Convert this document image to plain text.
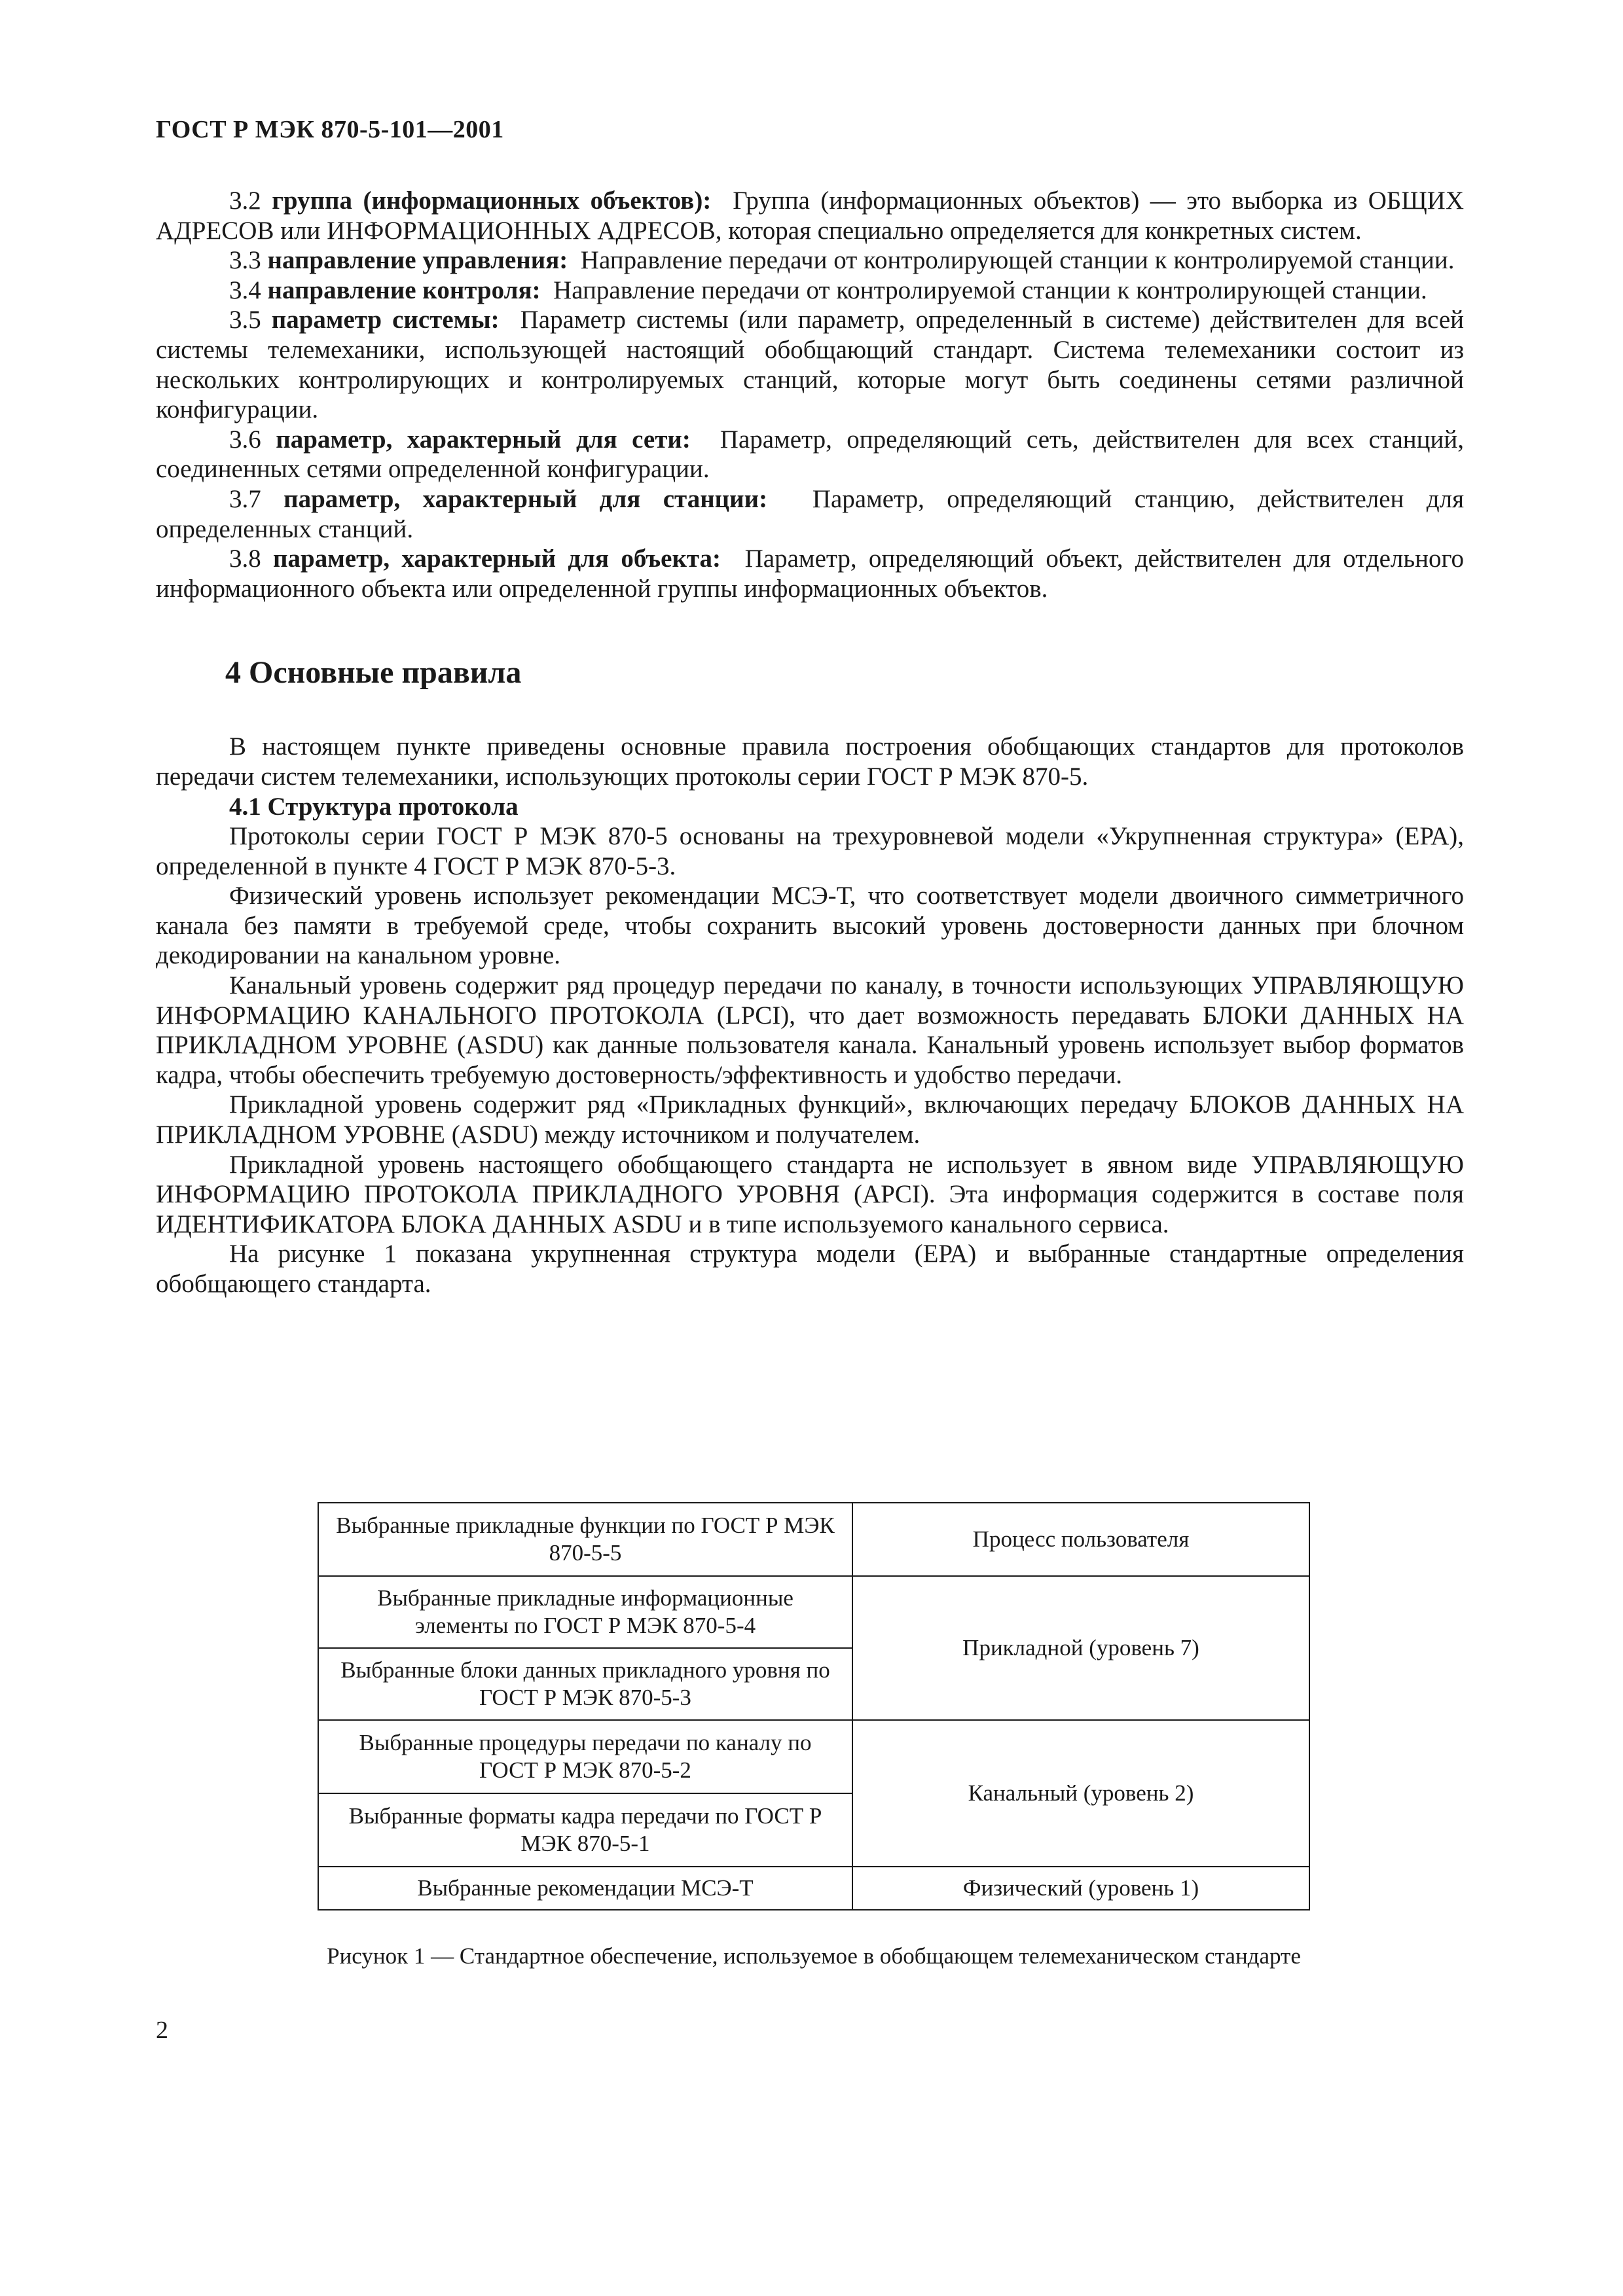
ГОСТ Р МЭК 870-5-101—2001

3.2 группа (информационных объектов): Группа (информационных объектов) — это выборка из ОБЩИХ АДРЕСОВ или ИНФОРМАЦИОННЫХ АДРЕСОВ, которая специально определяется для конкретных систем.

3.3 направление управления: Направление передачи от контролирующей станции к контролируемой станции.

3.4 направление контроля: Направление передачи от контролируемой станции к контролирующей станции.

3.5 параметр системы: Параметр системы (или параметр, определенный в системе) действителен для всей системы телемеханики, использующей настоящий обобщающий стандарт. Система телемеханики состоит из нескольких контролирующих и контролируемых станций, которые могут быть соединены сетями различной конфигурации.

3.6 параметр, характерный для сети: Параметр, определяющий сеть, действителен для всех станций, соединенных сетями определенной конфигурации.

3.7 параметр, характерный для станции: Параметр, определяющий станцию, действителен для определенных станций.

3.8 параметр, характерный для объекта: Параметр, определяющий объект, действителен для отдельного информационного объекта или определенной группы информационных объектов.

4 Основные правила

В настоящем пункте приведены основные правила построения обобщающих стандартов для протоколов передачи систем телемеханики, использующих протоколы серии ГОСТ Р МЭК 870-5.

4.1 Структура протокола

Протоколы серии ГОСТ Р МЭК 870-5 основаны на трехуровневой модели «Укрупненная структура» (ЕРА), определенной в пункте 4 ГОСТ Р МЭК 870-5-3.

Физический уровень использует рекомендации МСЭ-Т, что соответствует модели двоичного симметричного канала без памяти в требуемой среде, чтобы сохранить высокий уровень достоверности данных при блочном декодировании на канальном уровне.

Канальный уровень содержит ряд процедур передачи по каналу, в точности использующих УПРАВЛЯЮЩУЮ ИНФОРМАЦИЮ КАНАЛЬНОГО ПРОТОКОЛА (LPCI), что дает возможность передавать БЛОКИ ДАННЫХ НА ПРИКЛАДНОМ УРОВНЕ (ASDU) как данные пользователя канала. Канальный уровень использует выбор форматов кадра, чтобы обеспечить требуемую достоверность/эффективность и удобство передачи.

Прикладной уровень содержит ряд «Прикладных функций», включающих передачу БЛОКОВ ДАННЫХ НА ПРИКЛАДНОМ УРОВНЕ (ASDU) между источником и получателем.

Прикладной уровень настоящего обобщающего стандарта не использует в явном виде УПРАВЛЯЮЩУЮ ИНФОРМАЦИЮ ПРОТОКОЛА ПРИКЛАДНОГО УРОВНЯ (APCI). Эта информация содержится в составе поля ИДЕНТИФИКАТОРА БЛОКА ДАННЫХ ASDU и в типе используемого канального сервиса.

На рисунке 1 показана укрупненная структура модели (ЕРА) и выбранные стандартные определения обобщающего стандарта.

Выбранные прикладные функции по ГОСТ Р МЭК 870-5-5	Процесс пользователя
Выбранные прикладные информационные элементы по ГОСТ Р МЭК 870-5-4	Прикладной (уровень 7)
Выбранные блоки данных прикладного уровня по ГОСТ Р МЭК 870-5-3	
Выбранные процедуры передачи по каналу по ГОСТ Р МЭК 870-5-2	Канальный (уровень 2)
Выбранные форматы кадра передачи по ГОСТ Р МЭК 870-5-1	
Выбранные рекомендации МСЭ-Т	Физический (уровень 1)
Рисунок 1 — Стандартное обеспечение, используемое в обобщающем телемеханическом стандарте
2
